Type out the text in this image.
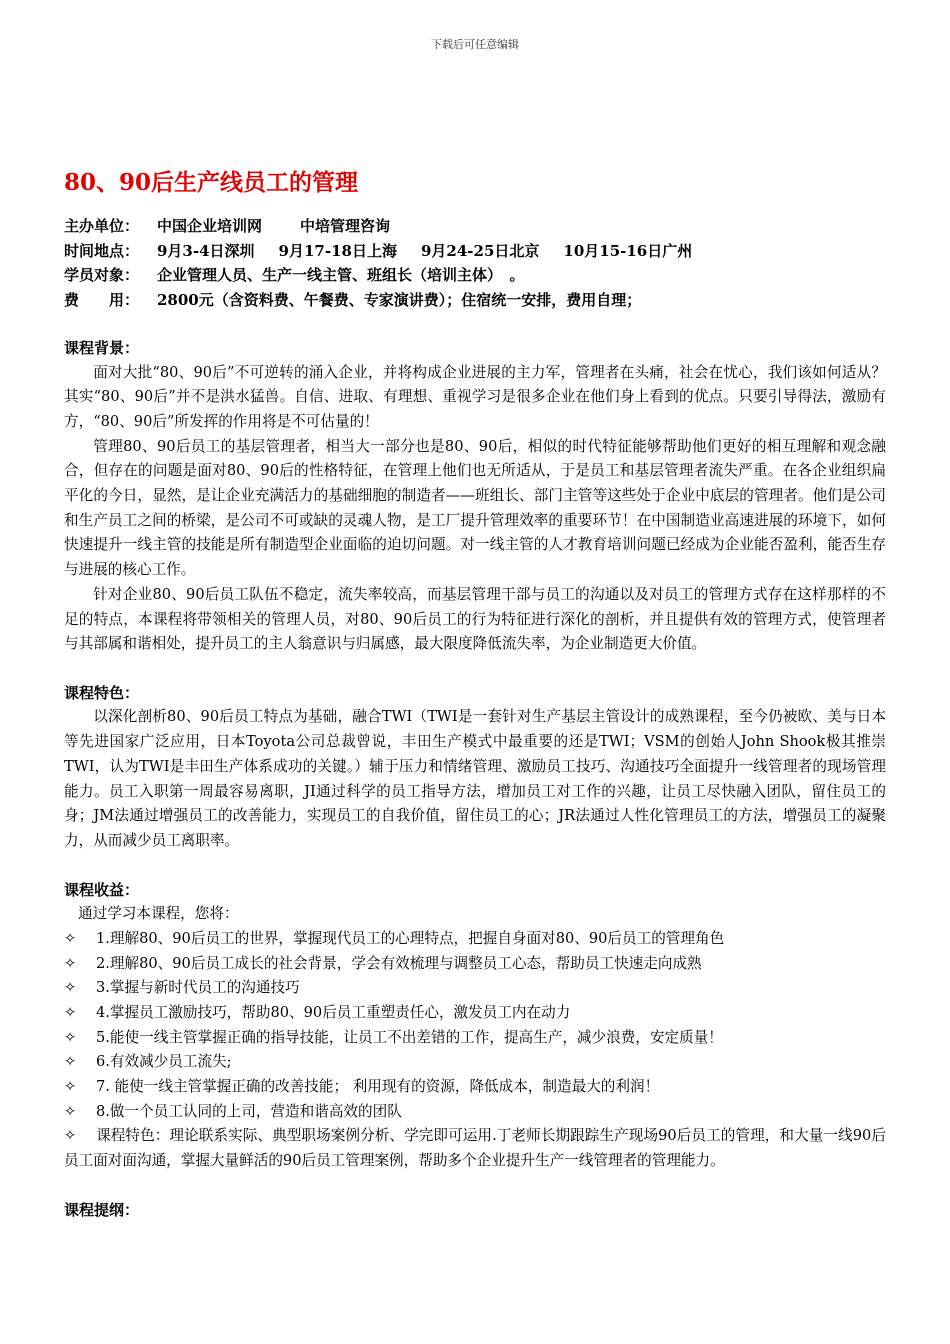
下载后可任意编辑
80、90后生产线员工的管理
主办单位： 中国企业培训网	中培管理咨询
时间地点： 9月3-4日深圳 9月17-18日上海 9月24-25日北京 10月15-16日广州
学员对象： 企业管理人员、生产一线主管、班组长（培训主体）　。
费　　用： 2800元（含资料费、午餐费、专家演讲费）；住宿统一安排，费用自理；
课程背景：

面对大批“80、90后”不可逆转的涌入企业，并将构成企业进展的主力军，管理者在头痛，社会在忧心，我们该如何适从？其实“80、90后”并不是洪水猛兽。自信、进取、有理想、重视学习是很多企业在他们身上看到的优点。只要引导得法，激励有方，“80、90后”所发挥的作用将是不可估量的！

管理80、90后员工的基层管理者，相当大一部分也是80、90后，相似的时代特征能够帮助他们更好的相互理解和观念融合，但存在的问题是面对80、90后的性格特征，在管理上他们也无所适从，于是员工和基层管理者流失严重。在各企业组织扁平化的今日，显然，是让企业充满活力的基础细胞的制造者——班组长、部门主管等这些处于企业中底层的管理者。他们是公司和生产员工之间的桥梁，是公司不可或缺的灵魂人物，是工厂提升管理效率的重要环节！在中国制造业高速进展的环境下，如何快速提升一线主管的技能是所有制造型企业面临的迫切问题。对一线主管的人才教育培训问题已经成为企业能否盈利，能否生存与进展的核心工作。

针对企业80、90后员工队伍不稳定，流失率较高，而基层管理干部与员工的沟通以及对员工的管理方式存在这样那样的不足的特点，本课程将带领相关的管理人员，对80、90后员工的行为特征进行深化的剖析，并且提供有效的管理方式，使管理者与其部属和谐相处，提升员工的主人翁意识与归属感，最大限度降低流失率，为企业制造更大价值。

课程特色：

以深化剖析80、90后员工特点为基础，融合TWI（TWI是一套针对生产基层主管设计的成熟课程，至今仍被欧、美与日本等先进国家广泛应用，日本Toyota公司总裁曾说，丰田生产模式中最重要的还是TWI；VSM的创始人John Shook极其推崇TWI，认为TWI是丰田生产体系成功的关键。）辅于压力和情绪管理、激励员工技巧、沟通技巧全面提升一线管理者的现场管理能力。员工入职第一周最容易离职，JI通过科学的员工指导方法，增加员工对工作的兴趣，让员工尽快融入团队，留住员工的身；JM法通过增强员工的改善能力，实现员工的自我价值，留住员工的心；JR法通过人性化管理员工的方法，增强员工的凝聚力，从而减少员工离职率。

课程收益：
通过学习本课程，您将：
✧ 1.理解80、90后员工的世界，掌握现代员工的心理特点，把握自身面对80、90后员工的管理角色
✧ 2.理解80、90后员工成长的社会背景，学会有效梳理与调整员工心态，帮助员工快速走向成熟
✧ 3.掌握与新时代员工的沟通技巧
✧ 4.掌握员工激励技巧，帮助80、90后员工重塑责任心，激发员工内在动力
✧ 5.能使一线主管掌握正确的指导技能，让员工不出差错的工作，提高生产，减少浪费，安定质量！
✧ 6.有效减少员工流失;
✧ 7. 能使一线主管掌握正确的改善技能； 利用现有的资源，降低成本，制造最大的利润！
✧ 8.做一个员工认同的上司，营造和谐高效的团队
✧ 课程特色：理论联系实际、典型职场案例分析、学完即可运用.丁老师长期跟踪生产现场90后员工的管理，和大量一线90后员工面对面沟通，掌握大量鲜活的90后员工管理案例，帮助多个企业提升生产一线管理者的管理能力。
课程提纲：
